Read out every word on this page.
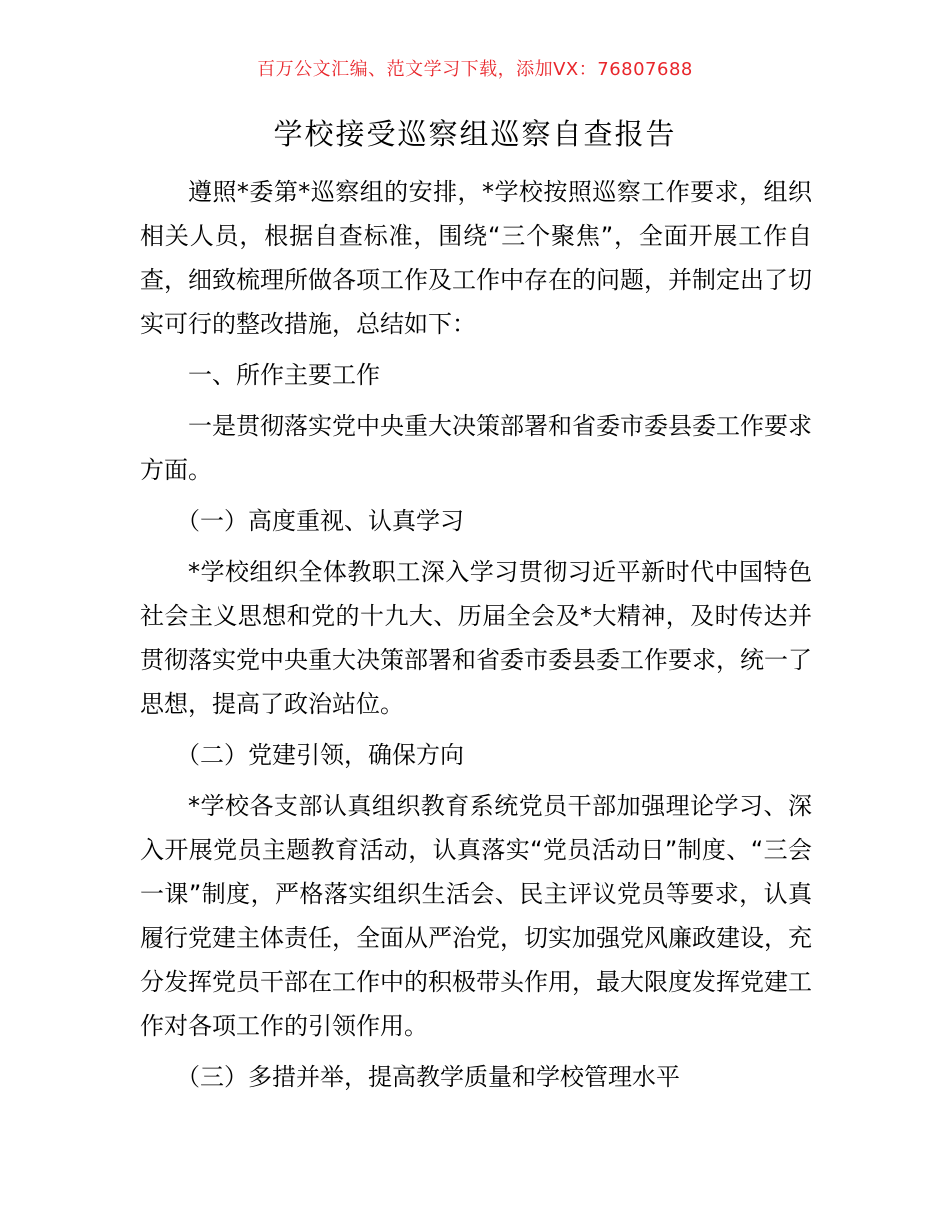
百万公文汇编、范文学习下载，添加VX：76807688
学校接受巡察组巡察自查报告

遵照*委第*巡察组的安排，*学校按照巡察工作要求，组织相关人员，根据自查标准，围绕“三个聚焦”，全面开展工作自查，细致梳理所做各项工作及工作中存在的问题，并制定出了切实可行的整改措施，总结如下：

一、所作主要工作

一是贯彻落实党中央重大决策部署和省委市委县委工作要求方面。

（一）高度重视、认真学习

*学校组织全体教职工深入学习贯彻习近平新时代中国特色社会主义思想和党的十九大、历届全会及*大精神，及时传达并贯彻落实党中央重大决策部署和省委市委县委工作要求，统一了思想，提高了政治站位。

（二）党建引领，确保方向

*学校各支部认真组织教育系统党员干部加强理论学习、深入开展党员主题教育活动，认真落实“党员活动日”制度、“三会一课”制度，严格落实组织生活会、民主评议党员等要求，认真履行党建主体责任，全面从严治党，切实加强党风廉政建设，充分发挥党员干部在工作中的积极带头作用，最大限度发挥党建工作对各项工作的引领作用。

（三）多措并举，提高教学质量和学校管理水平
